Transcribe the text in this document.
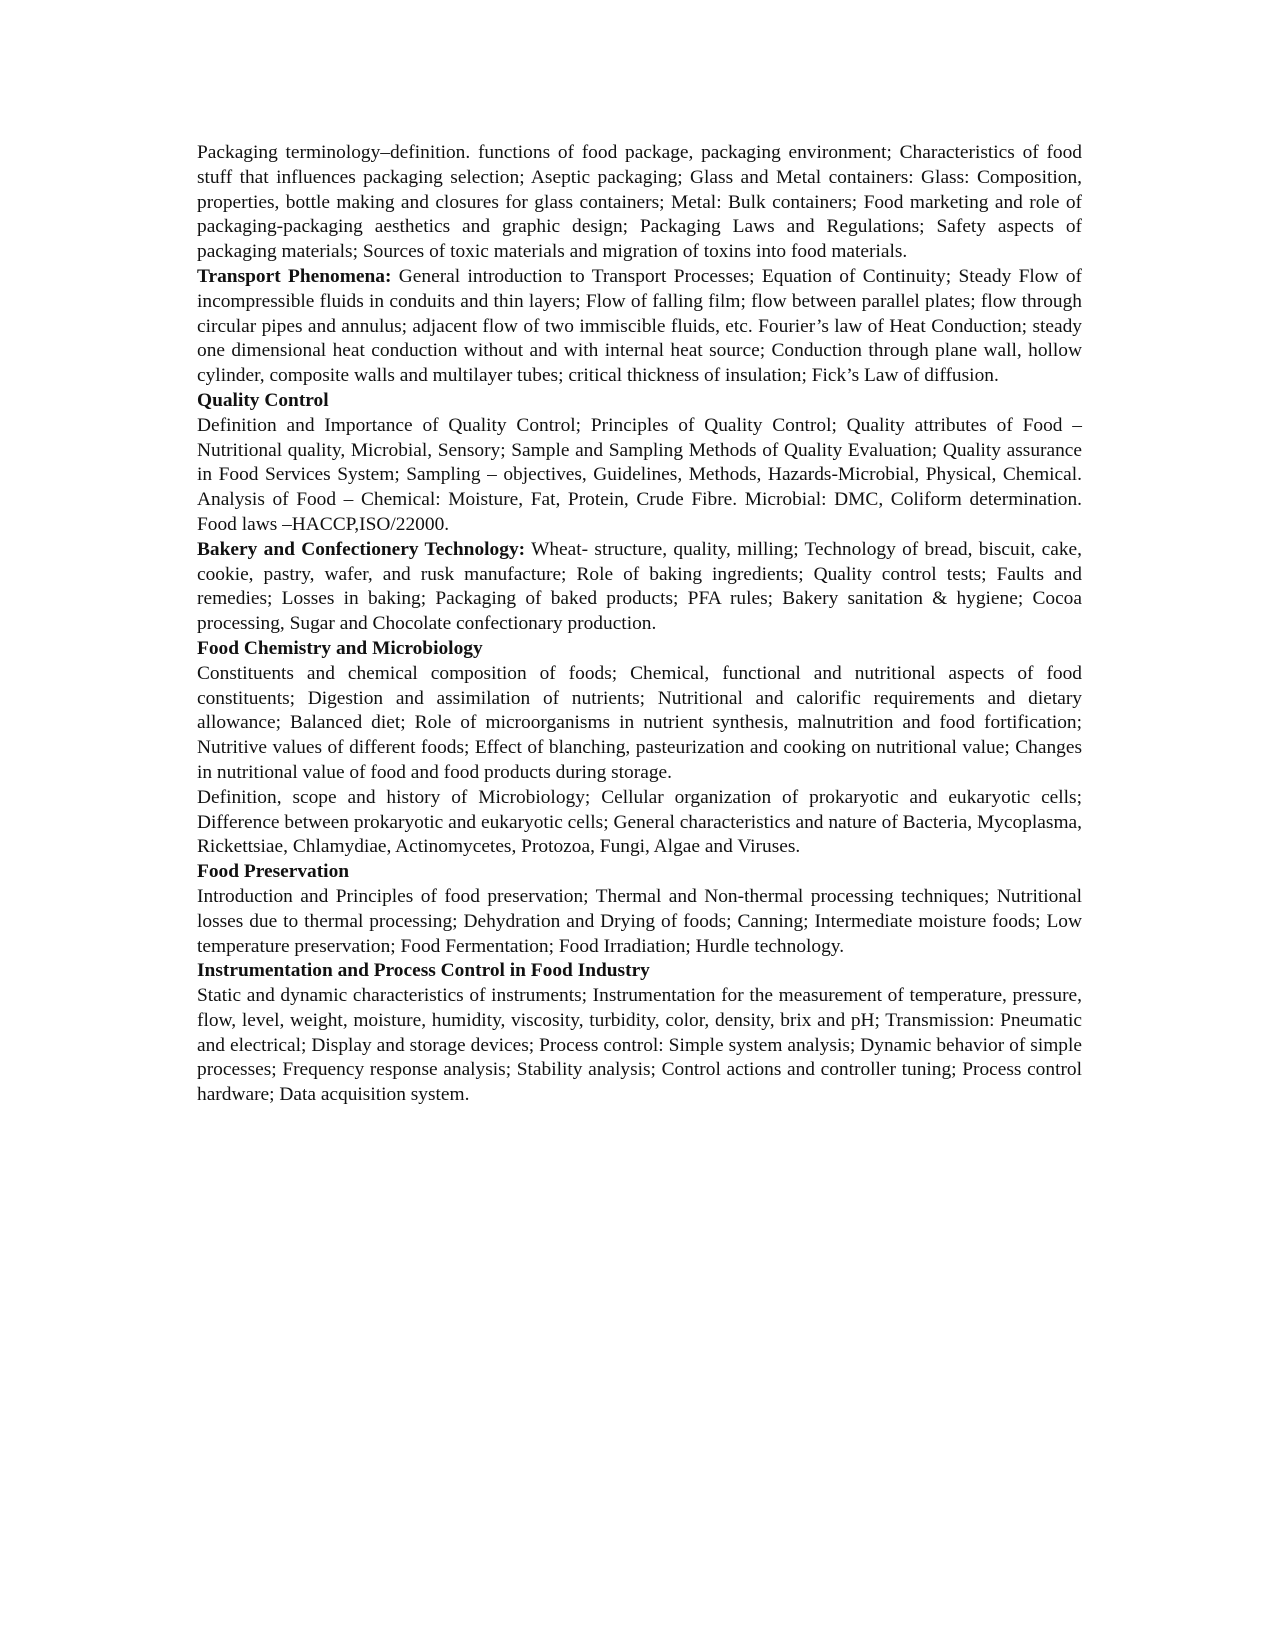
Packaging terminology–definition. functions of food package, packaging environment; Characteristics of food stuff that influences packaging selection; Aseptic packaging; Glass and Metal containers: Glass: Composition, properties, bottle making and closures for glass containers; Metal: Bulk containers; Food marketing and role of packaging-packaging aesthetics and graphic design; Packaging Laws and Regulations; Safety aspects of packaging materials; Sources of toxic materials and migration of toxins into food materials.

Transport Phenomena: General introduction to Transport Processes; Equation of Continuity; Steady Flow of incompressible fluids in conduits and thin layers; Flow of falling film; flow between parallel plates; flow through circular pipes and annulus; adjacent flow of two immiscible fluids, etc. Fourier’s law of Heat Conduction; steady one dimensional heat conduction without and with internal heat source; Conduction through plane wall, hollow cylinder, composite walls and multilayer tubes; critical thickness of insulation; Fick’s Law of diffusion.

Quality Control

Definition and Importance of Quality Control; Principles of Quality Control; Quality attributes of Food – Nutritional quality, Microbial, Sensory; Sample and Sampling Methods of Quality Evaluation; Quality assurance in Food Services System; Sampling – objectives, Guidelines, Methods, Hazards-Microbial, Physical, Chemical. Analysis of Food – Chemical: Moisture, Fat, Protein, Crude Fibre. Microbial: DMC, Coliform determination. Food laws –HACCP,ISO/22000.

Bakery and Confectionery Technology: Wheat- structure, quality, milling; Technology of bread, biscuit, cake, cookie, pastry, wafer, and rusk manufacture; Role of baking ingredients; Quality control tests; Faults and remedies; Losses in baking; Packaging of baked products; PFA rules; Bakery sanitation & hygiene; Cocoa processing, Sugar and Chocolate confectionary production.

Food Chemistry and Microbiology

Constituents and chemical composition of foods; Chemical, functional and nutritional aspects of food constituents; Digestion and assimilation of nutrients; Nutritional and calorific requirements and dietary allowance; Balanced diet; Role of microorganisms in nutrient synthesis, malnutrition and food fortification; Nutritive values of different foods; Effect of blanching, pasteurization and cooking on nutritional value; Changes in nutritional value of food and food products during storage.

Definition, scope and history of Microbiology; Cellular organization of prokaryotic and eukaryotic cells; Difference between prokaryotic and eukaryotic cells; General characteristics and nature of Bacteria, Mycoplasma, Rickettsiae, Chlamydiae, Actinomycetes, Protozoa, Fungi, Algae and Viruses.

Food Preservation

Introduction and Principles of food preservation; Thermal and Non-thermal processing techniques; Nutritional losses due to thermal processing; Dehydration and Drying of foods; Canning; Intermediate moisture foods; Low temperature preservation; Food Fermentation; Food Irradiation; Hurdle technology.

Instrumentation and Process Control in Food Industry

Static and dynamic characteristics of instruments; Instrumentation for the measurement of temperature, pressure, flow, level, weight, moisture, humidity, viscosity, turbidity, color, density, brix and pH; Transmission: Pneumatic and electrical; Display and storage devices; Process control: Simple system analysis; Dynamic behavior of simple processes; Frequency response analysis; Stability analysis; Control actions and controller tuning; Process control hardware; Data acquisition system.
